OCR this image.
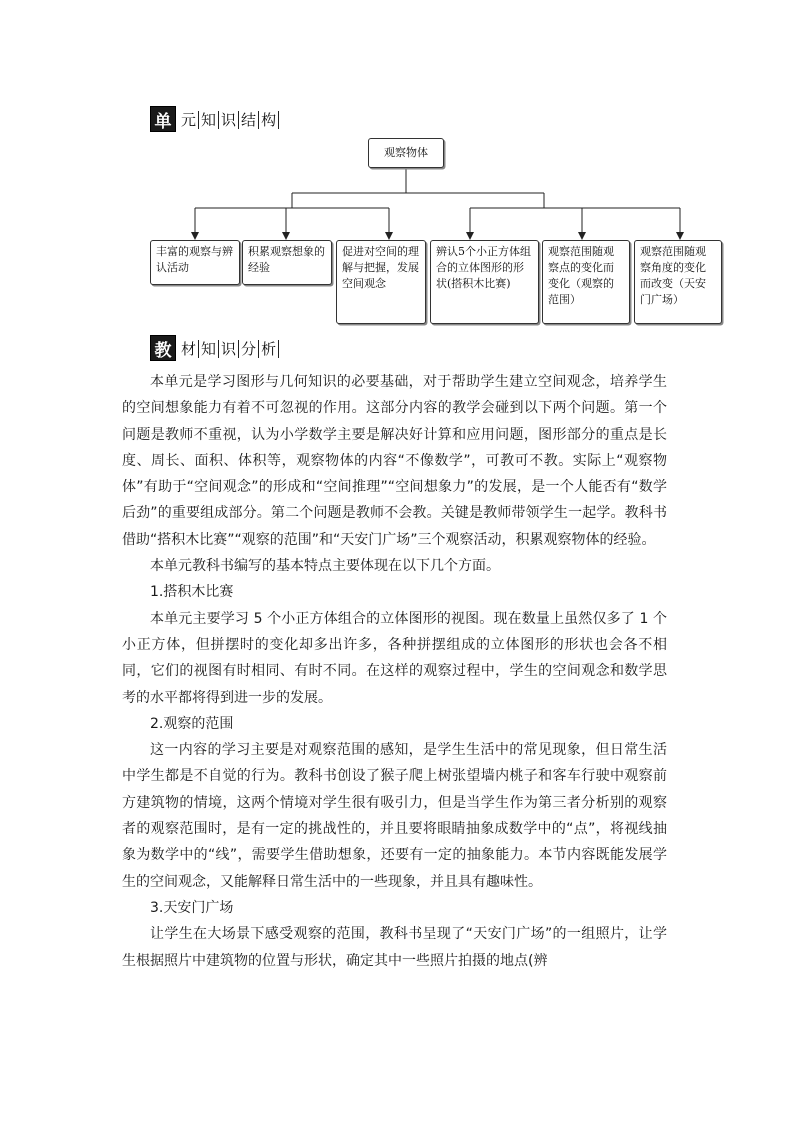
单 元 知 识 结 构
观察物体
丰富的观察与辨认活动
积累观察想象的经验
促进对空间的理解与把握，发展空间观念
辨认5个小正方体组合的立体图形的形状(搭积木比赛)
观察范围随观察点的变化而变化（观察的范围）
观察范围随观察角度的变化而改变（天安门广场）
教 材 知 识 分 析

本单元是学习图形与几何知识的必要基础，对于帮助学生建立空间观念，培养学生的空间想象能力有着不可忽视的作用。这部分内容的教学会碰到以下两个问题。第一个问题是教师不重视，认为小学数学主要是解决好计算和应用问题，图形部分的重点是长度、周长、面积、体积等，观察物体的内容“不像数学”，可教可不教。实际上“观察物体”有助于“空间观念”的形成和“空间推理”“空间想象力”的发展，是一个人能否有“数学后劲”的重要组成部分。第二个问题是教师不会教。关键是教师带领学生一起学。教科书借助“搭积木比赛”“观察的范围”和“天安门广场”三个观察活动，积累观察物体的经验。

本单元教科书编写的基本特点主要体现在以下几个方面。

1.搭积木比赛

本单元主要学习 5 个小正方体组合的立体图形的视图。现在数量上虽然仅多了 1 个小正方体，但拼摆时的变化却多出许多，各种拼摆组成的立体图形的形状也会各不相同，它们的视图有时相同、有时不同。在这样的观察过程中，学生的空间观念和数学思考的水平都将得到进一步的发展。

2.观察的范围

这一内容的学习主要是对观察范围的感知，是学生生活中的常见现象，但日常生活中学生都是不自觉的行为。教科书创设了猴子爬上树张望墙内桃子和客车行驶中观察前方建筑物的情境，这两个情境对学生很有吸引力，但是当学生作为第三者分析别的观察者的观察范围时，是有一定的挑战性的，并且要将眼睛抽象成数学中的“点”，将视线抽象为数学中的“线”，需要学生借助想象，还要有一定的抽象能力。本节内容既能发展学生的空间观念，又能解释日常生活中的一些现象，并且具有趣味性。

3.天安门广场

让学生在大场景下感受观察的范围，教科书呈现了“天安门广场”的一组照片，让学生根据照片中建筑物的位置与形状，确定其中一些照片拍摄的地点(辨
